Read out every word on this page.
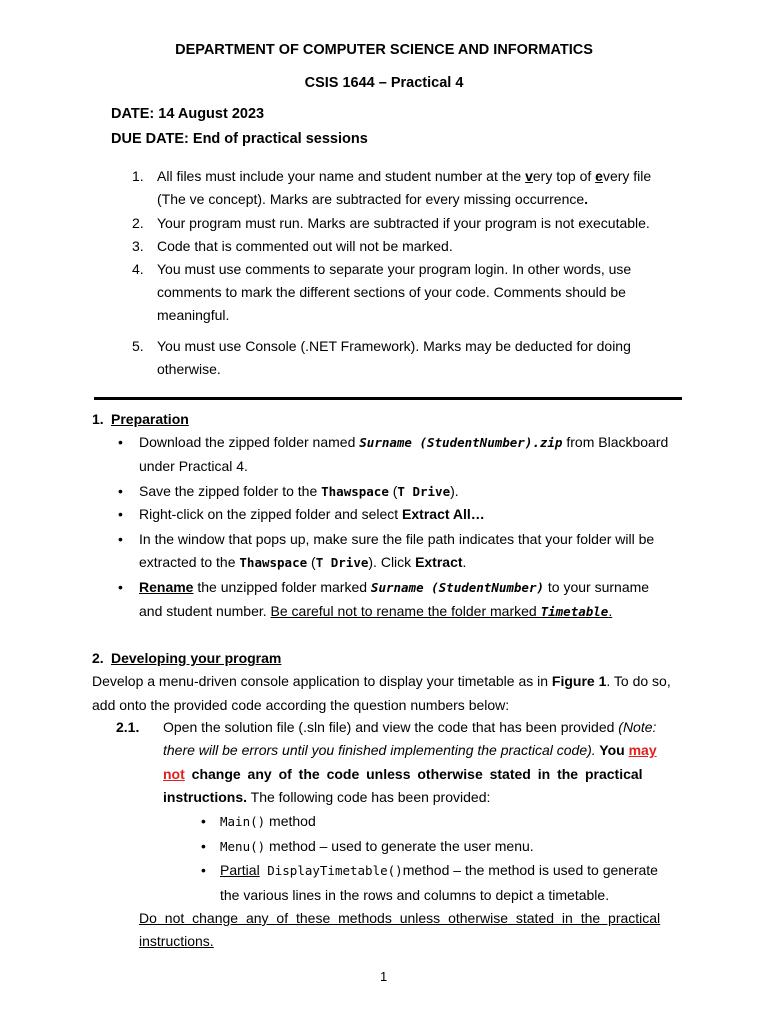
DEPARTMENT OF COMPUTER SCIENCE AND INFORMATICS
CSIS 1644 – Practical 4
DATE: 14 August 2023
DUE DATE: End of practical sessions
1. All files must include your name and student number at the very top of every file
(The ve concept). Marks are subtracted for every missing occurrence.
2. Your program must run. Marks are subtracted if your program is not executable.
3. Code that is commented out will not be marked.
4. You must use comments to separate your program login. In other words, use
comments to mark the different sections of your code. Comments should be
meaningful.
5. You must use Console (.NET Framework). Marks may be deducted for doing
otherwise.
1. Preparation
• Download the zipped folder named Surname (StudentNumber).zip from Blackboard
under Practical 4.
• Save the zipped folder to the Thawspace (T Drive).
• Right-click on the zipped folder and select Extract All…
• In the window that pops up, make sure the file path indicates that your folder will be
extracted to the Thawspace (T Drive). Click Extract.
• Rename the unzipped folder marked Surname (StudentNumber) to your surname
and student number. Be careful not to rename the folder marked Timetable.
2. Developing your program
Develop a menu-driven console application to display your timetable as in Figure 1. To do so,
add onto the provided code according the question numbers below:
2.1. Open the solution file (.sln file) and view the code that has been provided (Note:
there will be errors until you finished implementing the practical code). You may
not change any of the code unless otherwise stated in the practical
instructions. The following code has been provided:
• Main() method
• Menu() method – used to generate the user menu.
• Partial DisplayTimetable()method – the method is used to generate
the various lines in the rows and columns to depict a timetable.
Do not change any of these methods unless otherwise stated in the practical
instructions.
1
